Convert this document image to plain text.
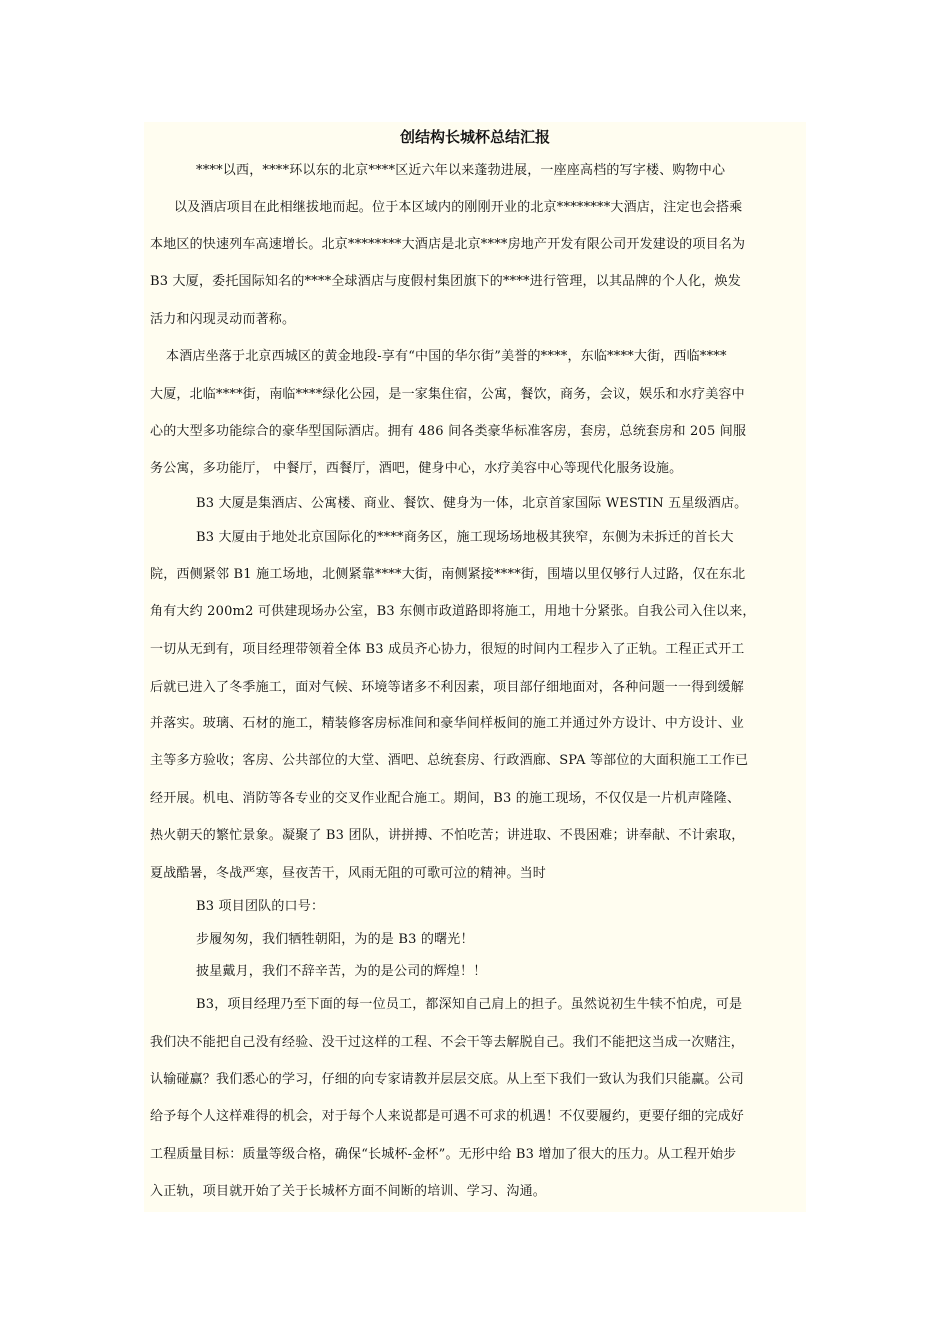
创结构长城杯总结汇报
****以西，****环以东的北京****区近六年以来蓬勃进展，一座座高档的写字楼、购物中心
以及酒店项目在此相继拔地而起。位于本区域内的刚刚开业的北京********大酒店，注定也会搭乘
本地区的快速列车高速增长。北京********大酒店是北京****房地产开发有限公司开发建设的项目名为
B3 大厦，委托国际知名的****全球酒店与度假村集团旗下的****进行管理，以其品牌的个人化，焕发
活力和闪现灵动而著称。
本酒店坐落于北京西城区的黄金地段-享有“中国的华尔街”美誉的****，东临****大街，西临****
大厦，北临****街，南临****绿化公园，是一家集住宿，公寓，餐饮，商务，会议，娱乐和水疗美容中
心的大型多功能综合的豪华型国际酒店。拥有 486 间各类豪华标准客房，套房，总统套房和 205 间服
务公寓，多功能厅， 中餐厅，西餐厅，酒吧，健身中心，水疗美容中心等现代化服务设施。
B3 大厦是集酒店、公寓楼、商业、餐饮、健身为一体，北京首家国际 WESTIN 五星级酒店。
B3 大厦由于地处北京国际化的****商务区，施工现场场地极其狭窄，东侧为未拆迁的首长大
院，西侧紧邻 B1 施工场地，北侧紧靠****大街，南侧紧接****街，围墙以里仅够行人过路，仅在东北
角有大约 200m2 可供建现场办公室，B3 东侧市政道路即将施工，用地十分紧张。自我公司入住以来，
一切从无到有，项目经理带领着全体 B3 成员齐心协力，很短的时间内工程步入了正轨。工程正式开工
后就已进入了冬季施工，面对气候、环境等诸多不利因素，项目部仔细地面对，各种问题一一得到缓解
并落实。玻璃、石材的施工，精装修客房标准间和豪华间样板间的施工并通过外方设计、中方设计、业
主等多方验收；客房、公共部位的大堂、酒吧、总统套房、行政酒廊、SPA 等部位的大面积施工工作已
经开展。机电、消防等各专业的交叉作业配合施工。期间，B3 的施工现场，不仅仅是一片机声隆隆、
热火朝天的繁忙景象。凝聚了 B3 团队，讲拼搏、不怕吃苦；讲进取、不畏困难；讲奉献、不计索取，
夏战酷暑，冬战严寒，昼夜苦干，风雨无阻的可歌可泣的精神。当时
B3 项目团队的口号：
步履匆匆，我们牺牲朝阳，为的是 B3 的曙光！
披星戴月，我们不辞辛苦，为的是公司的辉煌！！
B3，项目经理乃至下面的每一位员工，都深知自己肩上的担子。虽然说初生牛犊不怕虎，可是
我们决不能把自己没有经验、没干过这样的工程、不会干等去解脱自己。我们不能把这当成一次赌注，
认输碰赢？我们悉心的学习，仔细的向专家请教并层层交底。从上至下我们一致认为我们只能赢。公司
给予每个人这样难得的机会，对于每个人来说都是可遇不可求的机遇！不仅要履约，更要仔细的完成好
工程质量目标：质量等级合格，确保“长城杯-金杯”。无形中给 B3 增加了很大的压力。从工程开始步
入正轨，项目就开始了关于长城杯方面不间断的培训、学习、沟通。
